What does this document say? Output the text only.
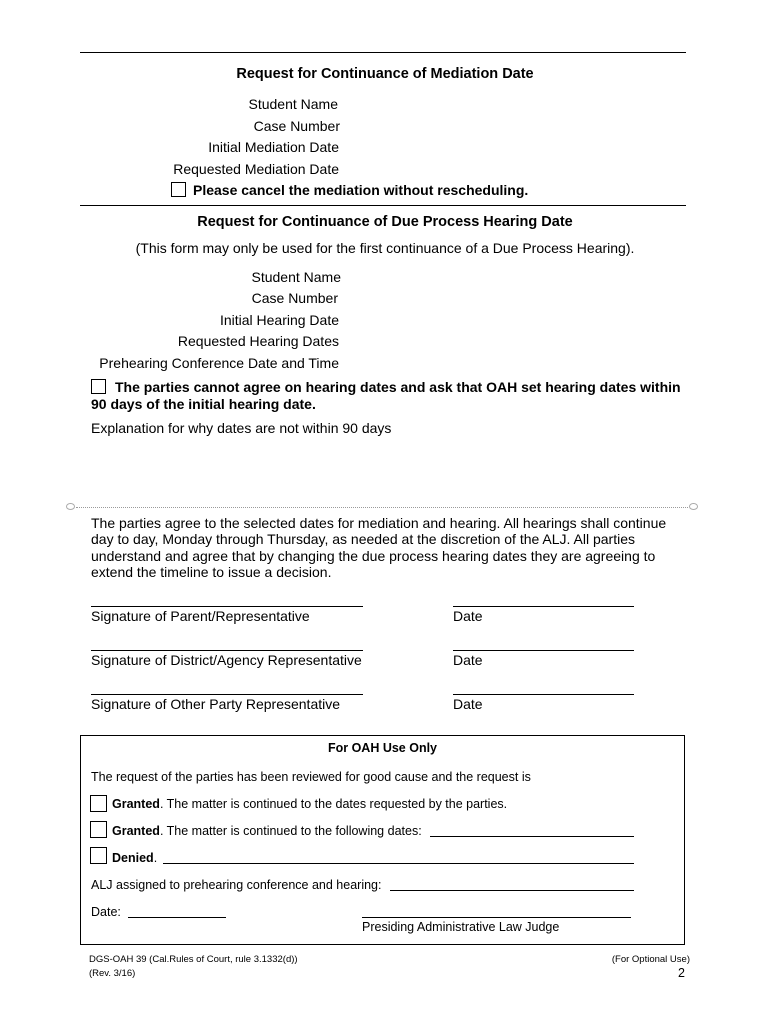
Request for Continuance of Mediation Date
Student Name
Case Number
Initial Mediation Date
Requested Mediation Date
Please cancel the mediation without rescheduling.
Request for Continuance of Due Process Hearing Date
(This form may only be used for the first continuance of a Due Process Hearing).
Student Name
Case Number
Initial Hearing Date
Requested Hearing Dates
Prehearing Conference Date and Time
The parties cannot agree on hearing dates and ask that OAH set hearing dates within
90 days of the initial hearing date.
Explanation for why dates are not within 90 days
The parties agree to the selected dates for mediation and hearing. All hearings shall continue
day to day, Monday through Thursday, as needed at the discretion of the ALJ. All parties
understand and agree that by changing the due process hearing dates they are agreeing to
extend the timeline to issue a decision.
Signature of Parent/Representative	Date
Signature of District/Agency Representative	Date
Signature of Other Party Representative	Date
For OAH Use Only
The request of the parties has been reviewed for good cause and the request is
Granted. The matter is continued to the dates requested by the parties.
Granted. The matter is continued to the following dates:
Denied.
ALJ assigned to prehearing conference and hearing:
Date:
Presiding Administrative Law Judge
DGS-OAH 39 (Cal.Rules of Court, rule 3.1332(d))
(Rev. 3/16)
(For Optional Use)
2
